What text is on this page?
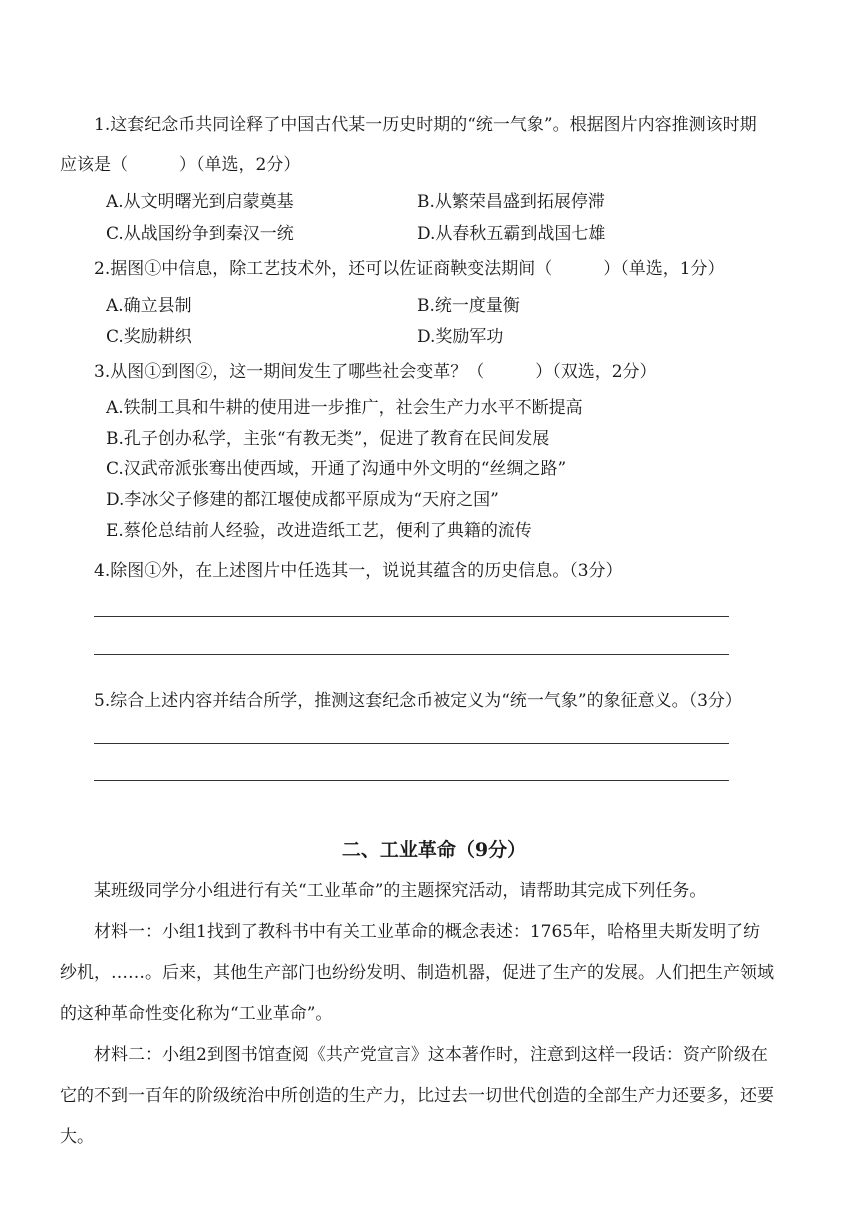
1.这套纪念币共同诠释了中国古代某一历史时期的“统一气象”。根据图片内容推测该时期
应该是（　　　）（单选，2分）
A.从文明曙光到启蒙奠基	B.从繁荣昌盛到拓展停滞
C.从战国纷争到秦汉一统	D.从春秋五霸到战国七雄
2.据图①中信息，除工艺技术外，还可以佐证商鞅变法期间（　　　）（单选，1分）
A.确立县制	B.统一度量衡
C.奖励耕织	D.奖励军功
3.从图①到图②，这一期间发生了哪些社会变革？（　　　）（双选，2分）
A.铁制工具和牛耕的使用进一步推广，社会生产力水平不断提高
B.孔子创办私学，主张“有教无类”，促进了教育在民间发展
C.汉武帝派张骞出使西域，开通了沟通中外文明的“丝绸之路”
D.李冰父子修建的都江堰使成都平原成为“天府之国”
E.蔡伦总结前人经验，改进造纸工艺，便利了典籍的流传
4.除图①外，在上述图片中任选其一，说说其蕴含的历史信息。（3分）
5.综合上述内容并结合所学，推测这套纪念币被定义为“统一气象”的象征意义。（3分）
二、工业革命（9分）
某班级同学分小组进行有关“工业革命”的主题探究活动，请帮助其完成下列任务。
材料一：小组1找到了教科书中有关工业革命的概念表述：1765年，哈格里夫斯发明了纺
纱机，……。后来，其他生产部门也纷纷发明、制造机器，促进了生产的发展。人们把生产领域
的这种革命性变化称为“工业革命”。
材料二：小组2到图书馆查阅《共产党宣言》这本著作时，注意到这样一段话：资产阶级在
它的不到一百年的阶级统治中所创造的生产力，比过去一切世代创造的全部生产力还要多，还要
大。
